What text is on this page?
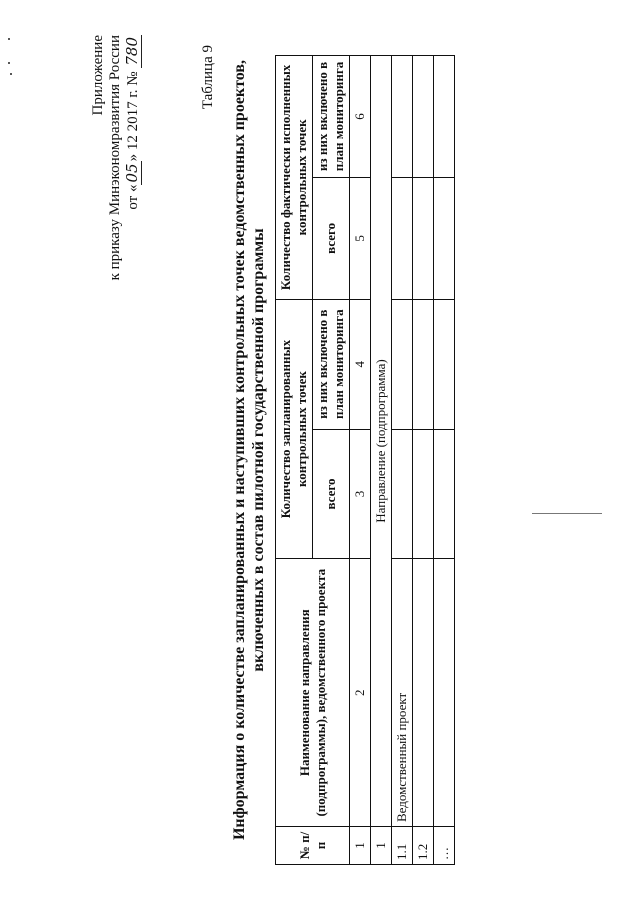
Приложение к приказу Минэкономразвития России от «05» 12 2017 г. № 780	Таблица 9 Информация о количестве запланированных и наступивших контрольных точек ведомственных проектов, включенных в состав пилотной государственной программы
№ п/п	Наименование направления (подпрограммы), ведомственного проекта	Количество запланированных контрольных точек		Количество фактически исполненных контрольных точек	
		всего	из них включено в план мониторинга	всего	из них включено в план мониторинга
1	2	3	4	5	6
1	Направление (подпрограмма)				
1.1	Ведомственный проект				
1.2					
…					
